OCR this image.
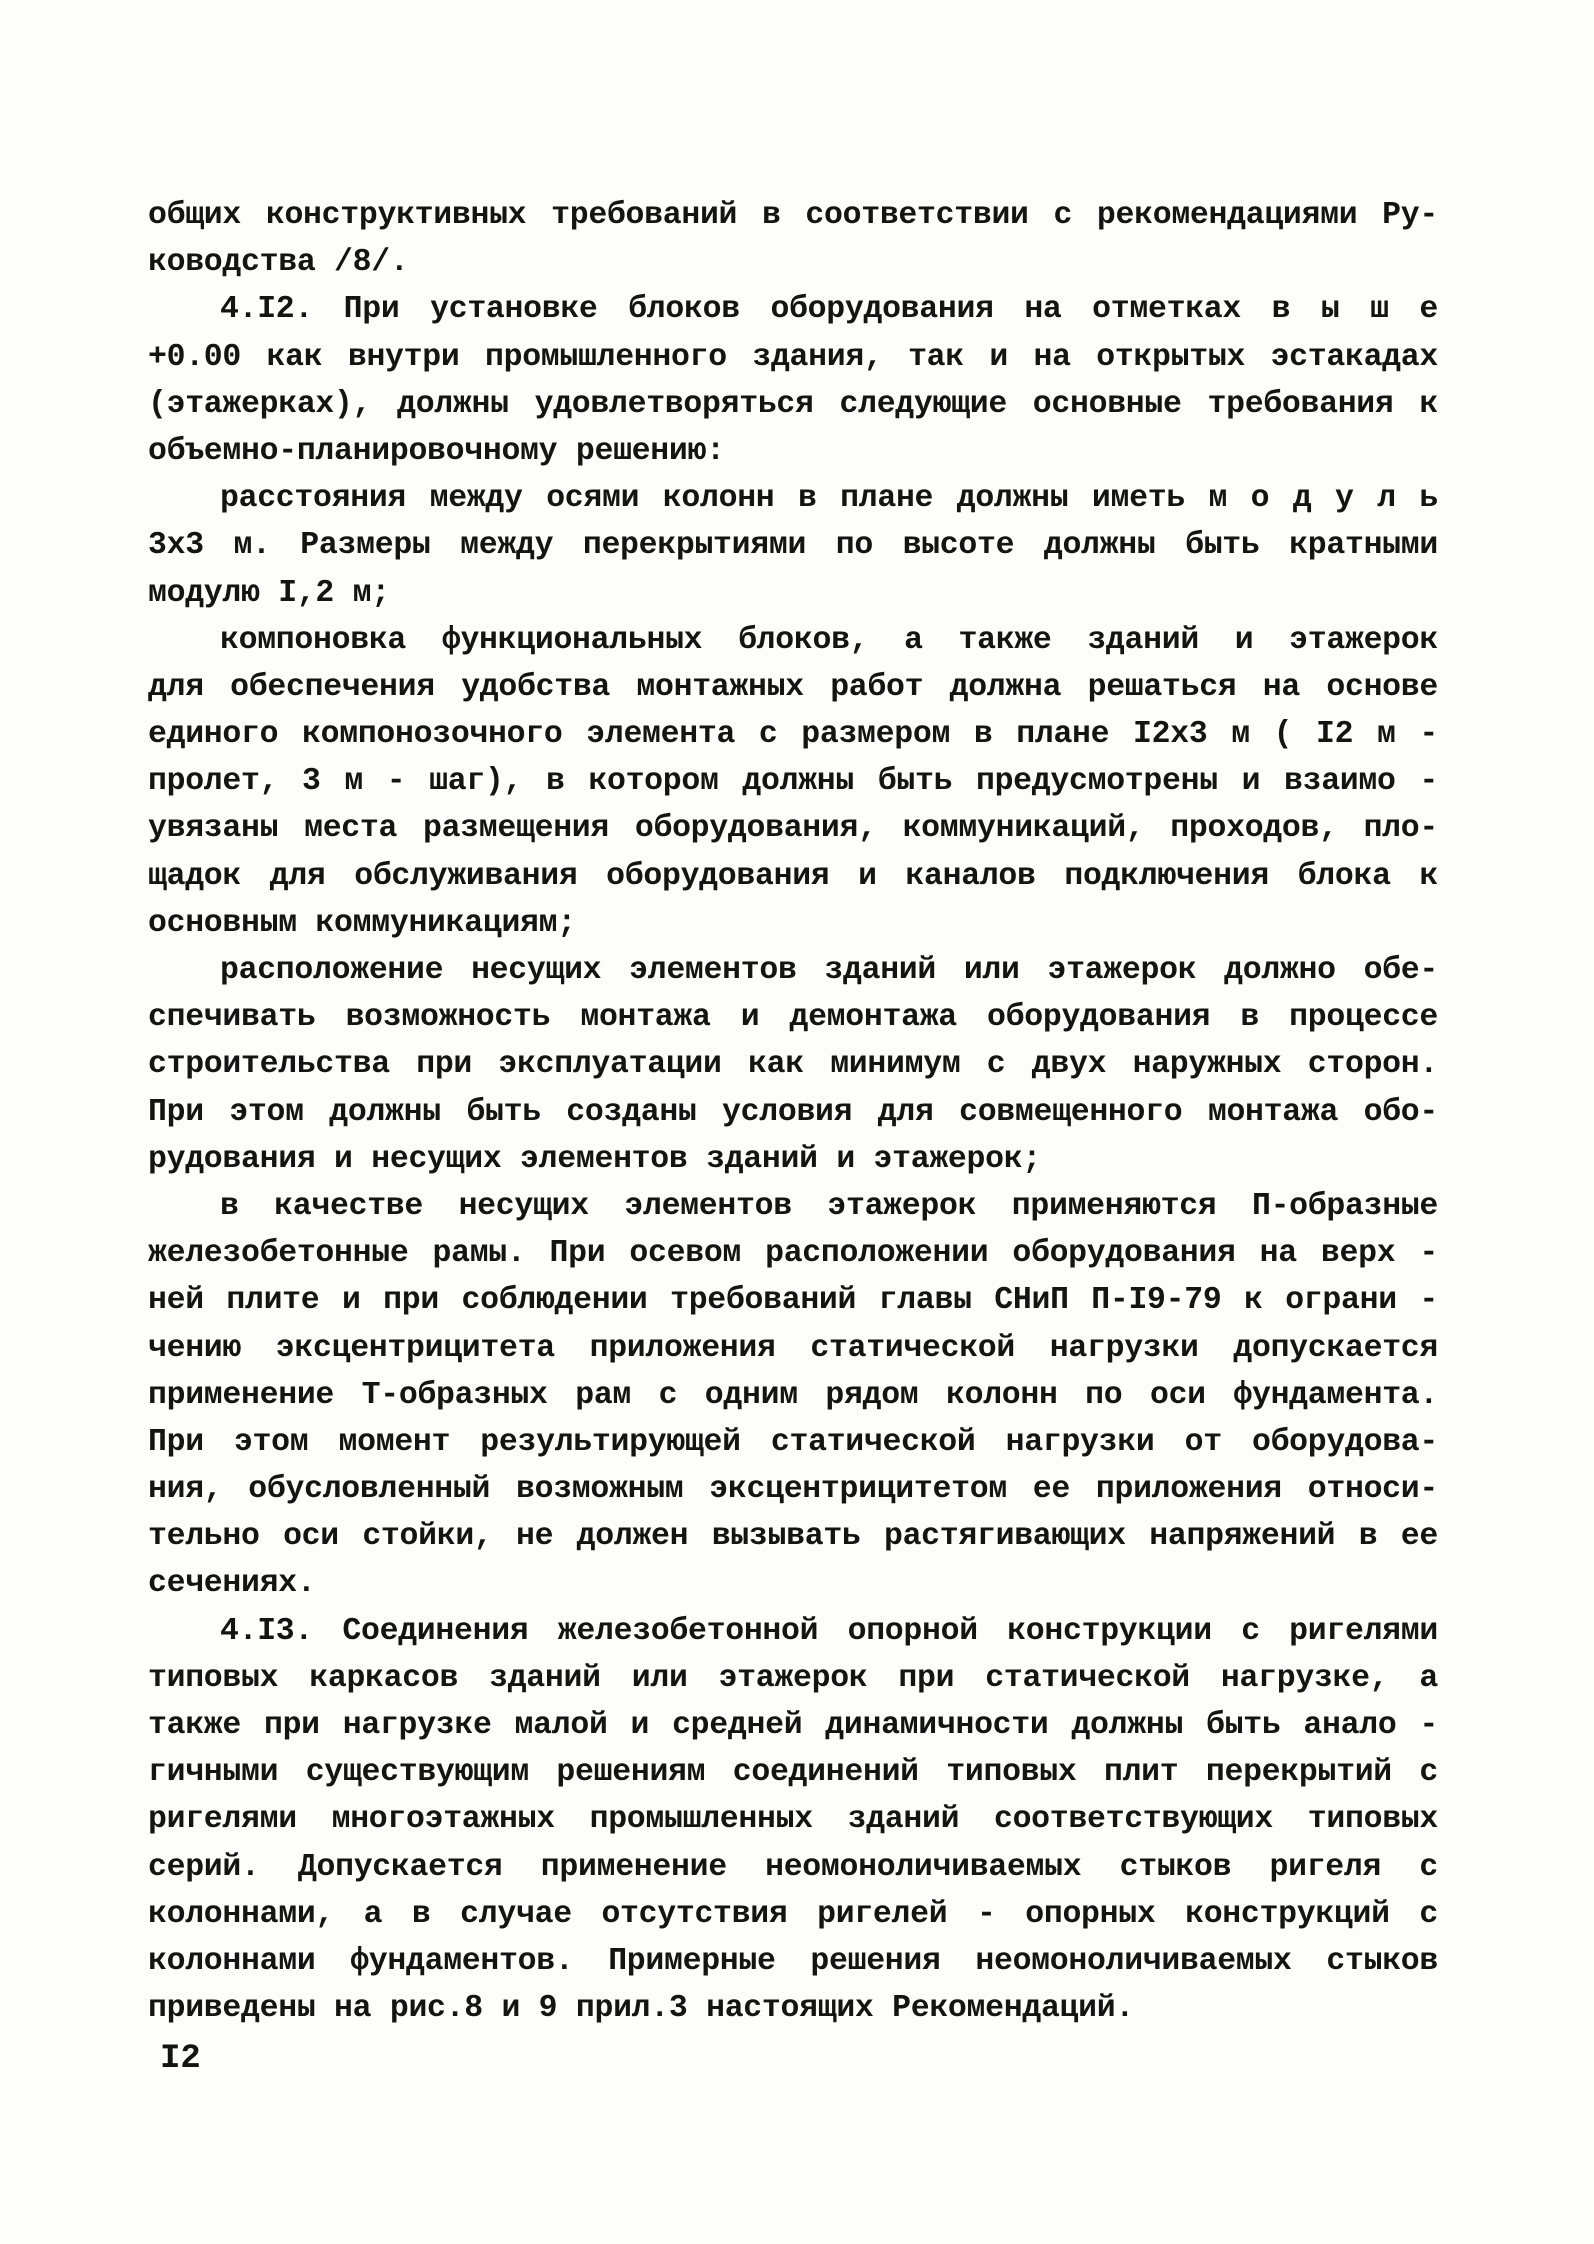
общих конструктивных требований в соответствии с рекомендациями Ру-
ководства /8/.
4.I2. При установке блоков оборудования на отметках в ы ш е
+0.00 как внутри промышленного здания, так и на открытых эстакадах
(этажерках), должны удовлетворяться следующие основные требования к
объемно-планировочному решению:
расстояния между осями колонн в плане должны иметь м о д у л ь
3х3 м. Размеры между перекрытиями по высоте должны быть кратными
модулю I,2 м;
компоновка функциональных блоков, а также зданий и этажерок
для обеспечения удобства монтажных работ должна решаться на основе
единого компонозочного элемента с размером в плане I2х3 м ( I2 м -
пролет, 3 м - шаг), в котором должны быть предусмотрены и взаимо -
увязаны места размещения оборудования, коммуникаций, проходов, пло-
щадок для обслуживания оборудования и каналов подключения блока к
основным коммуникациям;
расположение несущих элементов зданий или этажерок должно обе-
спечивать возможность монтажа и демонтажа оборудования в процессе
строительства при эксплуатации как минимум с двух наружных сторон.
При этом должны быть созданы условия для совмещенного монтажа обо-
рудования и несущих элементов зданий и этажерок;
в качестве несущих элементов этажерок применяются П-образные
железобетонные рамы. При осевом расположении оборудования на верх -
ней плите и при соблюдении требований главы СНиП П-I9-79 к ограни -
чению эксцентрицитета приложения статической нагрузки допускается
применение Т-образных рам с одним рядом колонн по оси фундамента.
При этом момент результирующей статической нагрузки от оборудова-
ния, обусловленный возможным эксцентрицитетом ее приложения относи-
тельно оси стойки, не должен вызывать растягивающих напряжений в ее
сечениях.
4.I3. Соединения железобетонной опорной конструкции с ригелями
типовых каркасов зданий или этажерок при статической нагрузке, а
также при нагрузке малой и средней динамичности должны быть анало -
гичными существующим решениям соединений типовых плит перекрытий с
ригелями многоэтажных промышленных зданий соответствующих типовых
серий. Допускается применение неомоноличиваемых стыков ригеля с
колоннами, а в случае отсутствия ригелей - опорных конструкций с
колоннами фундаментов. Примерные решения неомоноличиваемых стыков
приведены на рис.8 и 9 прил.3 настоящих Рекомендаций.
I2
